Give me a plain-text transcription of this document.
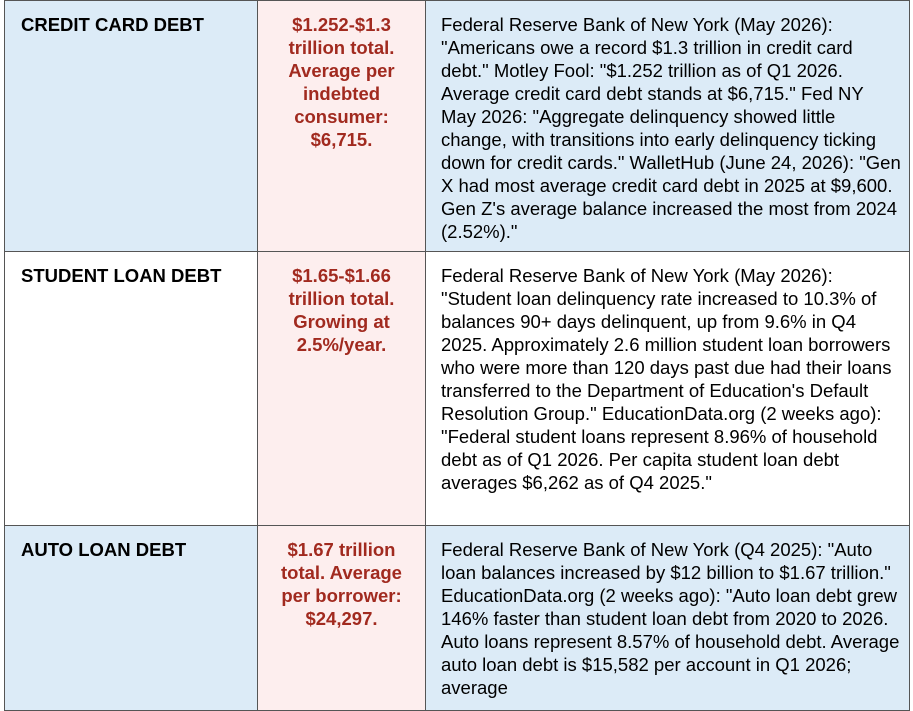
CREDIT CARD DEBT	$1.252-$1.3 trillion total. Average per indebted consumer: $6,715.	Federal Reserve Bank of New York (May 2026): "Americans owe a record $1.3 trillion in credit card debt." Motley Fool: "$1.252 trillion as of Q1 2026. Average credit card debt stands at $6,715." Fed NY May 2026: "Aggregate delinquency showed little change, with transitions into early delinquency ticking down for credit cards." WalletHub (June 24, 2026): "Gen X had most average credit card debt in 2025 at $9,600. Gen Z's average balance increased the most from 2024 (2.52%)."
STUDENT LOAN DEBT	$1.65-$1.66 trillion total. Growing at 2.5%/year.	Federal Reserve Bank of New York (May 2026): "Student loan delinquency rate increased to 10.3% of balances 90+ days delinquent, up from 9.6% in Q4 2025. Approximately 2.6 million student loan borrowers who were more than 120 days past due had their loans transferred to the Department of Education's Default Resolution Group." EducationData.org (2 weeks ago): "Federal student loans represent 8.96% of household debt as of Q1 2026. Per capita student loan debt averages $6,262 as of Q4 2025."
AUTO LOAN DEBT	$1.67 trillion total. Average per borrower: $24,297.	Federal Reserve Bank of New York (Q4 2025): "Auto loan balances increased by $12 billion to $1.67 trillion." EducationData.org (2 weeks ago): "Auto loan debt grew 146% faster than student loan debt from 2020 to 2026. Auto loans represent 8.57% of household debt. Average auto loan debt is $15,582 per account in Q1 2026; average
